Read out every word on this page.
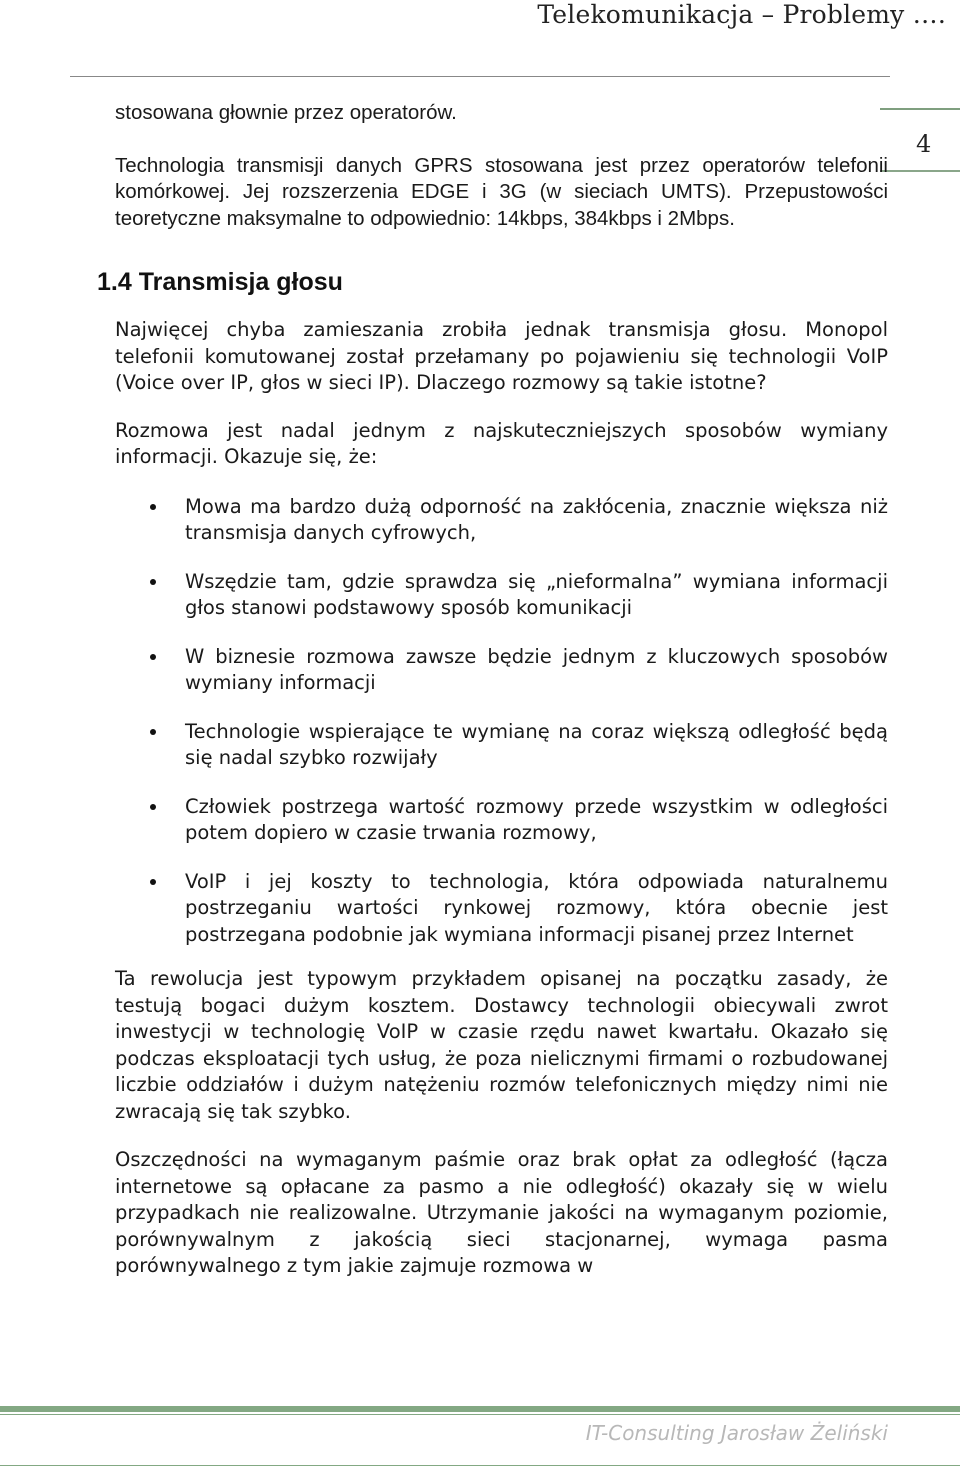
Telekomunikacja – Problemy ….
4

stosowana głownie przez operatorów.

Technologia transmisji danych GPRS stosowana jest przez operatorów telefonii komórkowej. Jej rozszerzenia EDGE i 3G (w sieciach UMTS). Przepustowości teoretyczne maksymalne to odpowiednio: 14kbps, 384kbps i 2Mbps.

1.4 Transmisja głosu

Najwięcej chyba zamieszania zrobiła jednak transmisja głosu. Monopol telefonii komutowanej został przełamany po pojawieniu się technologii VoIP (Voice over IP, głos w sieci IP). Dlaczego rozmowy są takie istotne?

Rozmowa jest nadal jednym z najskuteczniejszych sposobów wymiany informacji. Okazuje się, że:

Mowa ma bardzo dużą odporność na zakłócenia, znacznie większa niż transmisja danych cyfrowych,

Wszędzie tam, gdzie sprawdza się „nieformalna” wymiana informacji głos stanowi podstawowy sposób komunikacji

W biznesie rozmowa zawsze będzie jednym z kluczowych sposobów wymiany informacji

Technologie wspierające te wymianę na coraz większą odległość będą się nadal szybko rozwijały

Człowiek postrzega wartość rozmowy przede wszystkim w odległości potem dopiero w czasie trwania rozmowy,

VoIP i jej koszty to technologia, która odpowiada naturalnemu postrzeganiu wartości rynkowej rozmowy, która obecnie jest postrzegana podobnie jak wymiana informacji pisanej przez Internet

Ta rewolucja jest typowym przykładem opisanej na początku zasady, że testują bogaci dużym kosztem. Dostawcy technologii obiecywali zwrot inwestycji w technologię VoIP w czasie rzędu nawet kwartału. Okazało się podczas eksploatacji tych usług, że poza nielicznymi firmami o rozbudowanej liczbie oddziałów i dużym natężeniu rozmów telefonicznych między nimi nie zwracają się tak szybko.

Oszczędności na wymaganym paśmie oraz brak opłat za odległość (łącza internetowe są opłacane za pasmo a nie odległość) okazały się w wielu przypadkach nie realizowalne. Utrzymanie jakości na wymaganym poziomie, porównywalnym z jakością sieci stacjonarnej, wymaga pasma porównywalnego z tym jakie zajmuje rozmowa w

IT-Consulting Jarosław Żeliński
